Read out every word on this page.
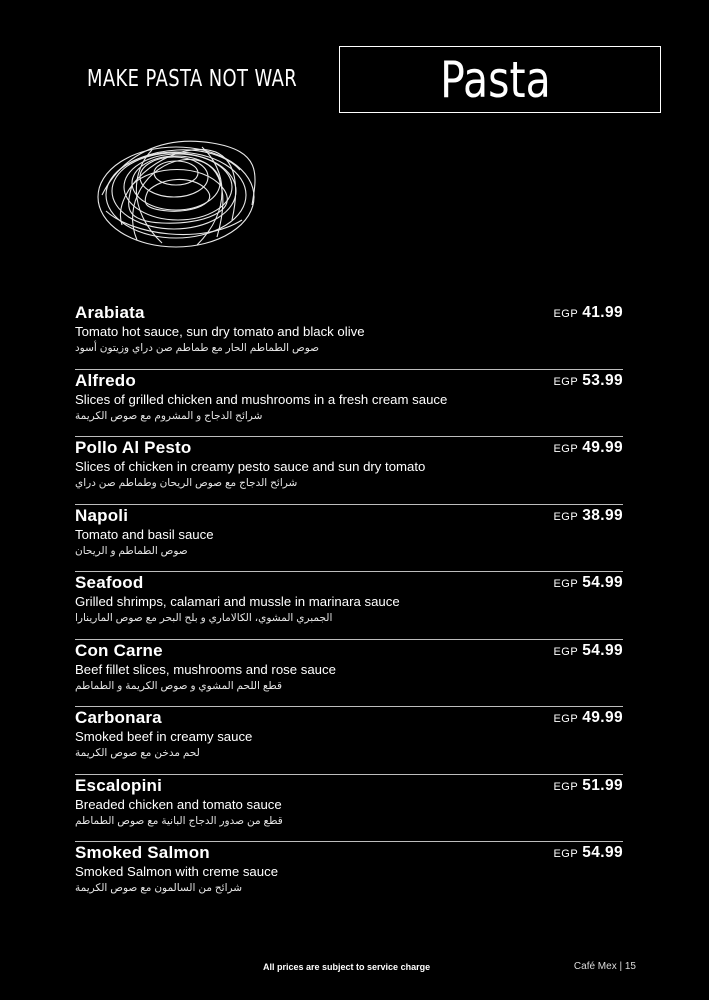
MAKE PASTA NOT WAR	Pasta
Arabiata
Tomato hot sauce, sun dry tomato and black olive
صوص الطماطم الحار مع طماطم صن دراي وزيتون أسود
EGP 41.99
Alfredo
Slices of grilled chicken and mushrooms in a fresh cream sauce
شرائح الدجاج و المشروم مع صوص الكريمة
EGP 53.99
Pollo Al Pesto
Slices of chicken in creamy pesto sauce and sun dry tomato
شرائح الدجاج مع صوص الريحان وطماطم صن دراي
EGP 49.99
Napoli
Tomato and basil sauce
صوص الطماطم و الريحان
EGP 38.99
Seafood
Grilled shrimps, calamari and mussle in marinara sauce
الجمبري المشوي، الكالاماري و بلح البحر مع صوص المارينارا
EGP 54.99
Con Carne
Beef fillet slices, mushrooms and rose sauce
قطع اللحم المشوي و صوص الكريمة و الطماطم
EGP 54.99
Carbonara
Smoked beef in creamy sauce
لحم مدخن مع صوص الكريمة
EGP 49.99
Escalopini
Breaded chicken and tomato sauce
قطع من صدور الدجاج البانية مع صوص الطماطم
EGP 51.99
Smoked Salmon
Smoked Salmon with creme sauce
شرائح من السالمون مع صوص الكريمة
EGP 54.99
All prices are subject to service charge	Café Mex | 15
